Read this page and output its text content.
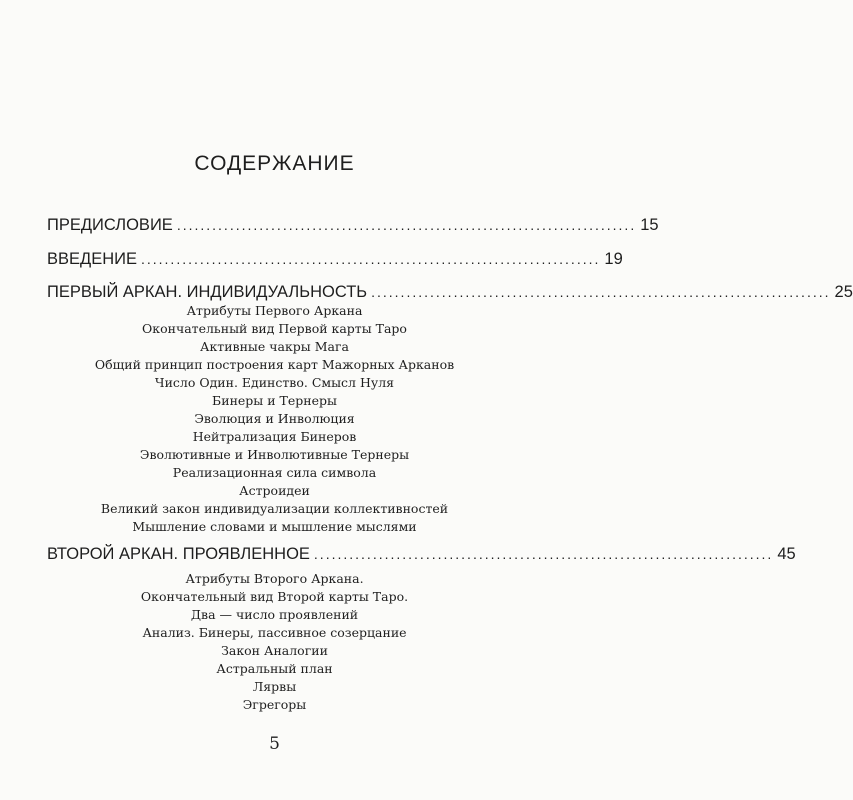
СОДЕРЖАНИЕ
ПРЕДИСЛОВИЕ .............................................................................. 15
ВВЕДЕНИЕ .............................................................................. 19
ПЕРВЫЙ АРКАН. ИНДИВИДУАЛЬНОСТЬ .............................................................................. 25
Атрибуты Первого Аркана
Окончательный вид Первой карты Таро
Активные чакры Мага
Общий принцип построения карт Мажорных Арканов
Число Один. Единство. Смысл Нуля
Бинеры и Тернеры
Эволюция и Инволюция
Нейтрализация Бинеров
Эволютивные и Инволютивные Тернеры
Реализационная сила символа
Астроидеи
Великий закон индивидуализации коллективностей
Мышление словами и мышление мыслями
ВТОРОЙ АРКАН. ПРОЯВЛЕННОЕ .............................................................................. 45
Атрибуты Второго Аркана.
Окончательный вид Второй карты Таро.
Два — число проявлений
Анализ. Бинеры, пассивное созерцание
Закон Аналогии
Астральный план
Лярвы
Эгрегоры
5
